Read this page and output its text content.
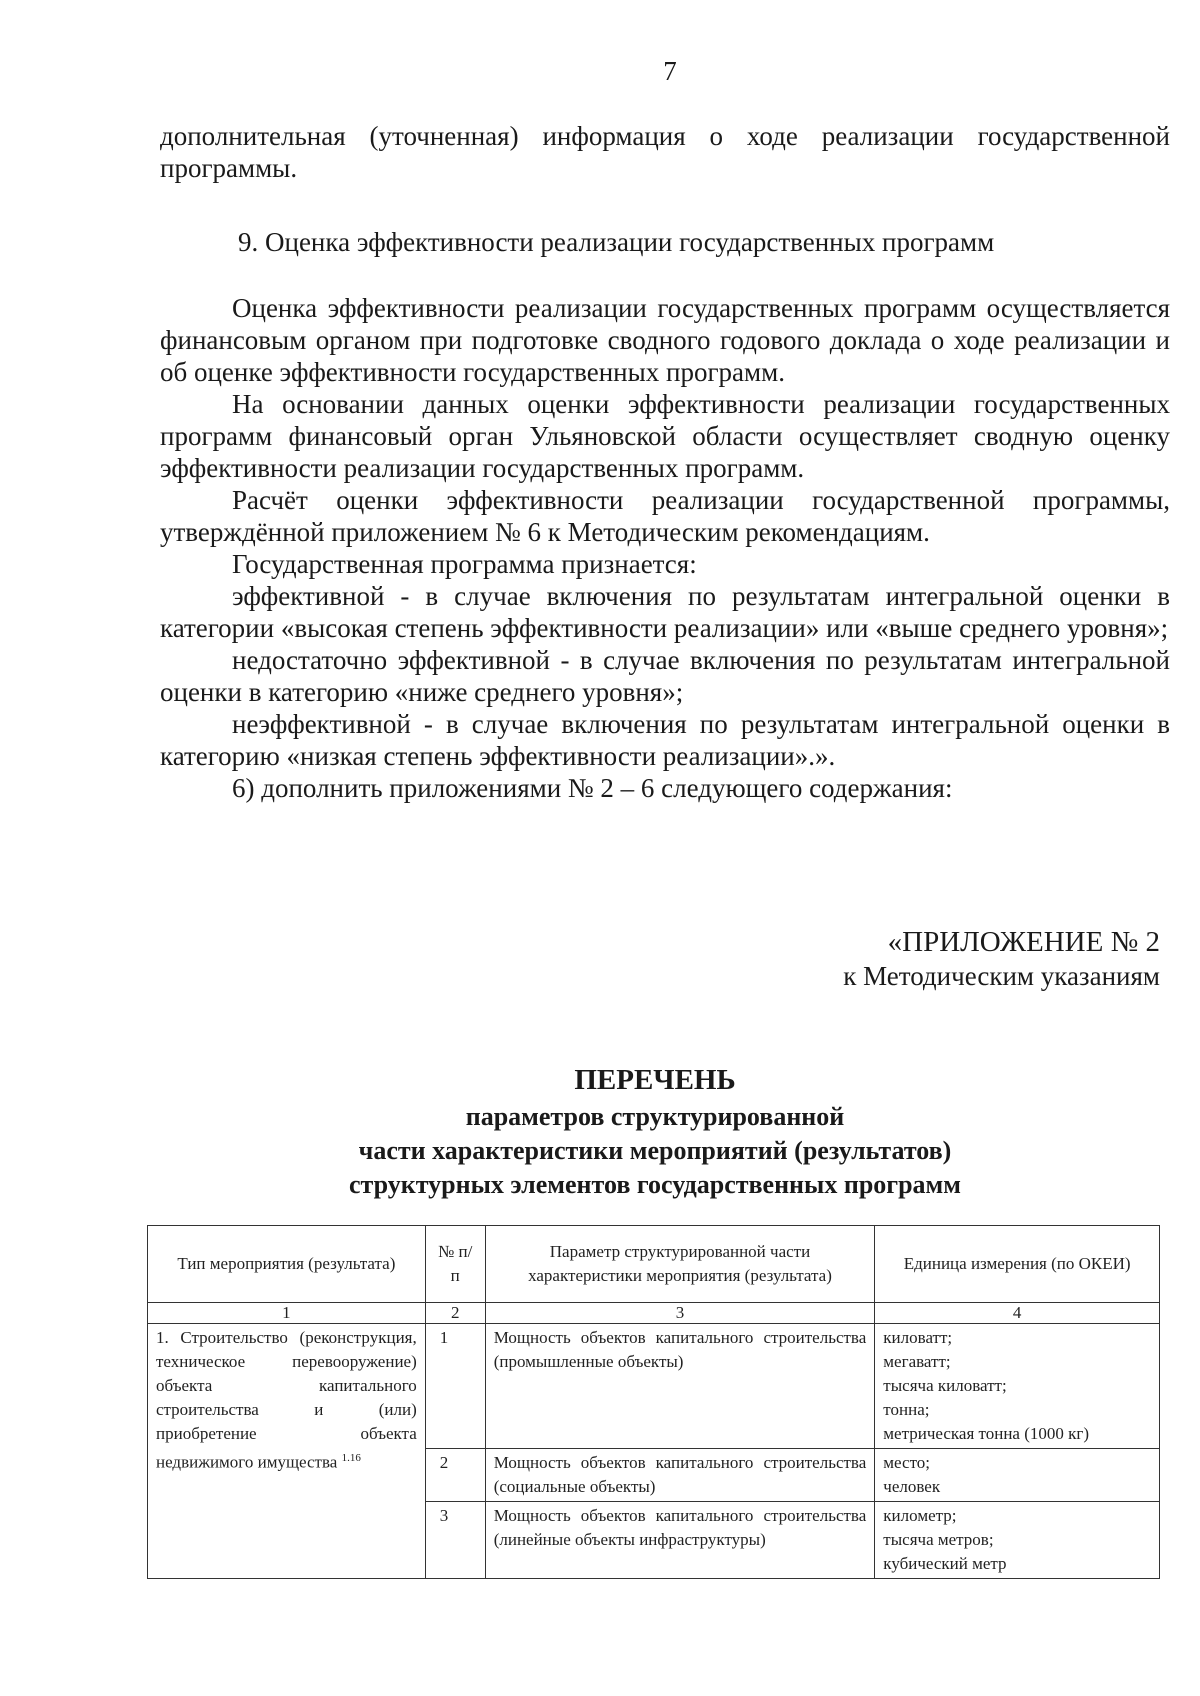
7

дополнительная (уточненная) информация о ходе реализации государственной программы.

9. Оценка эффективности реализации государственных программ

Оценка эффективности реализации государственных программ осуществляется финансовым органом при подготовке сводного годового доклада о ходе реализации и об оценке эффективности государственных программ.

На основании данных оценки эффективности реализации государственных программ финансовый орган Ульяновской области осуществляет сводную оценку эффективности реализации государственных программ.

Расчёт оценки эффективности реализации государственной программы, утверждённой приложением № 6 к Методическим рекомендациям.

Государственная программа признается:

эффективной - в случае включения по результатам интегральной оценки в категории «высокая степень эффективности реализации» или «выше среднего уровня»;

недостаточно эффективной - в случае включения по результатам интегральной оценки в категорию «ниже среднего уровня»;

неэффективной - в случае включения по результатам интегральной оценки в категорию «низкая степень эффективности реализации».».

6) дополнить приложениями № 2 – 6 следующего содержания:

«ПРИЛОЖЕНИЕ № 2
к Методическим указаниям
ПЕРЕЧЕНЬ
параметров структурированной
части характеристики мероприятий (результатов)
структурных элементов государственных программ
Тип мероприятия (результата)	№ п/п	Параметр структурированной части характеристики мероприятия (результата)	Единица измерения (по ОКЕИ)
1	2	3	4
1. Строительство (реконструкция, техническое перевооружение) объекта капитального строительства и (или) приобретение объекта недвижимого имущества $^{1.16}$	1	Мощность объектов капитального строительства (промышленные объекты)	киловатт;
мегаватт;
тысяча киловатт;
тонна;
метрическая тонна (1000 кг)

	2	Мощность объектов капитального строительства (социальные объекты)	место;
человек

	3	Мощность объектов капитального строительства (линейные объекты инфраструктуры)	километр;
тысяча метров;
кубический метр
